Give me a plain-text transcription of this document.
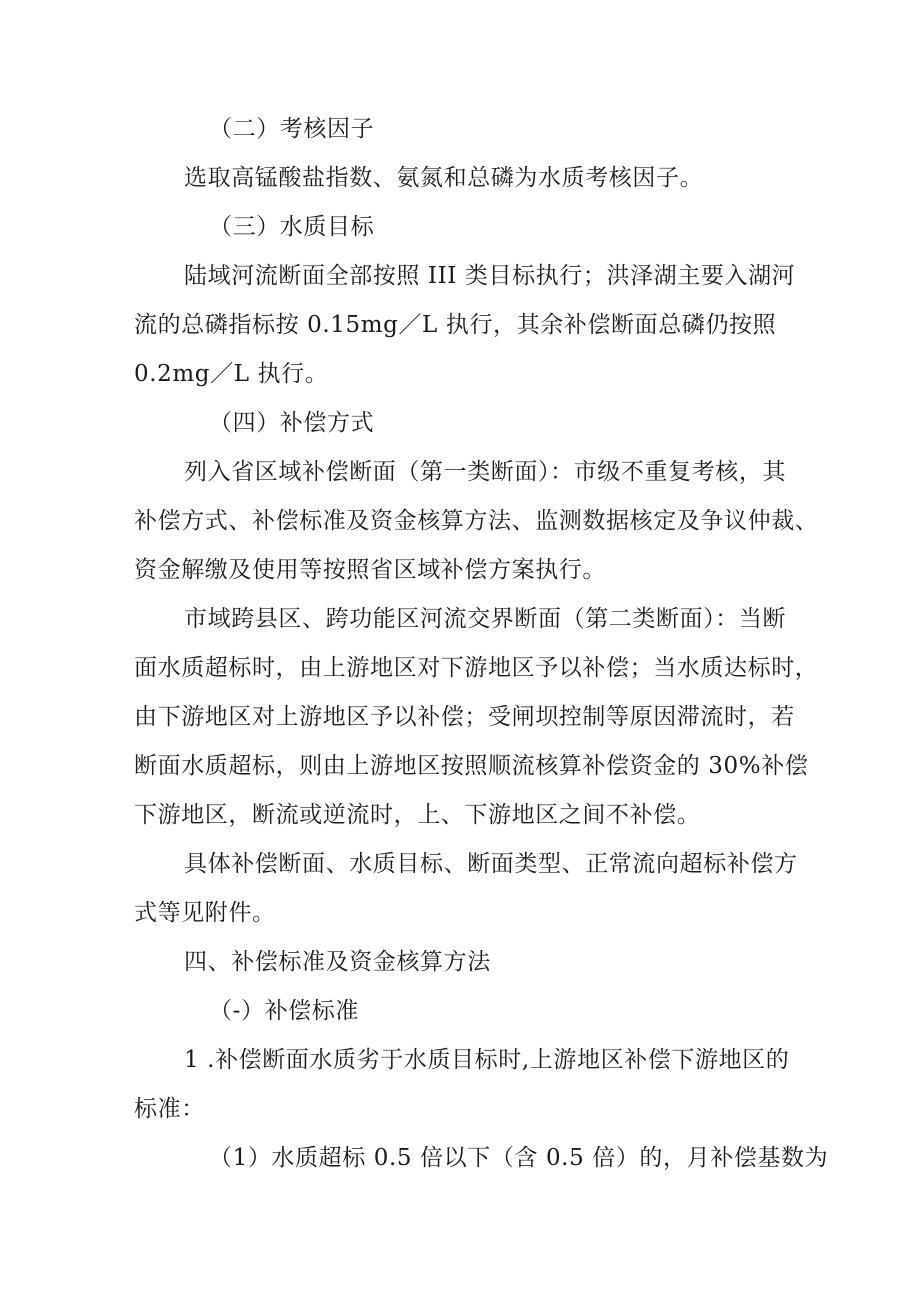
（二）考核因子

选取高锰酸盐指数、氨氮和总磷为水质考核因子。

（三）水质目标

陆域河流断面全部按照 III 类目标执行；洪泽湖主要入湖河

流的总磷指标按 0.15mg／L 执行，其余补偿断面总磷仍按照

0.2mg／L 执行。

（四）补偿方式

列入省区域补偿断面（第一类断面）：市级不重复考核，其

补偿方式、补偿标准及资金核算方法、监测数据核定及争议仲裁、

资金解缴及使用等按照省区域补偿方案执行。

市域跨县区、跨功能区河流交界断面（第二类断面）：当断

面水质超标时，由上游地区对下游地区予以补偿；当水质达标时，

由下游地区对上游地区予以补偿；受闸坝控制等原因滞流时，若

断面水质超标，则由上游地区按照顺流核算补偿资金的 30%补偿

下游地区，断流或逆流时，上、下游地区之间不补偿。

具体补偿断面、水质目标、断面类型、正常流向超标补偿方

式等见附件。

四、补偿标准及资金核算方法

（-）补偿标准

1 .补偿断面水质劣于水质目标时,上游地区补偿下游地区的

标准：

（1）水质超标 0.5 倍以下（含 0.5 倍）的，月补偿基数为
